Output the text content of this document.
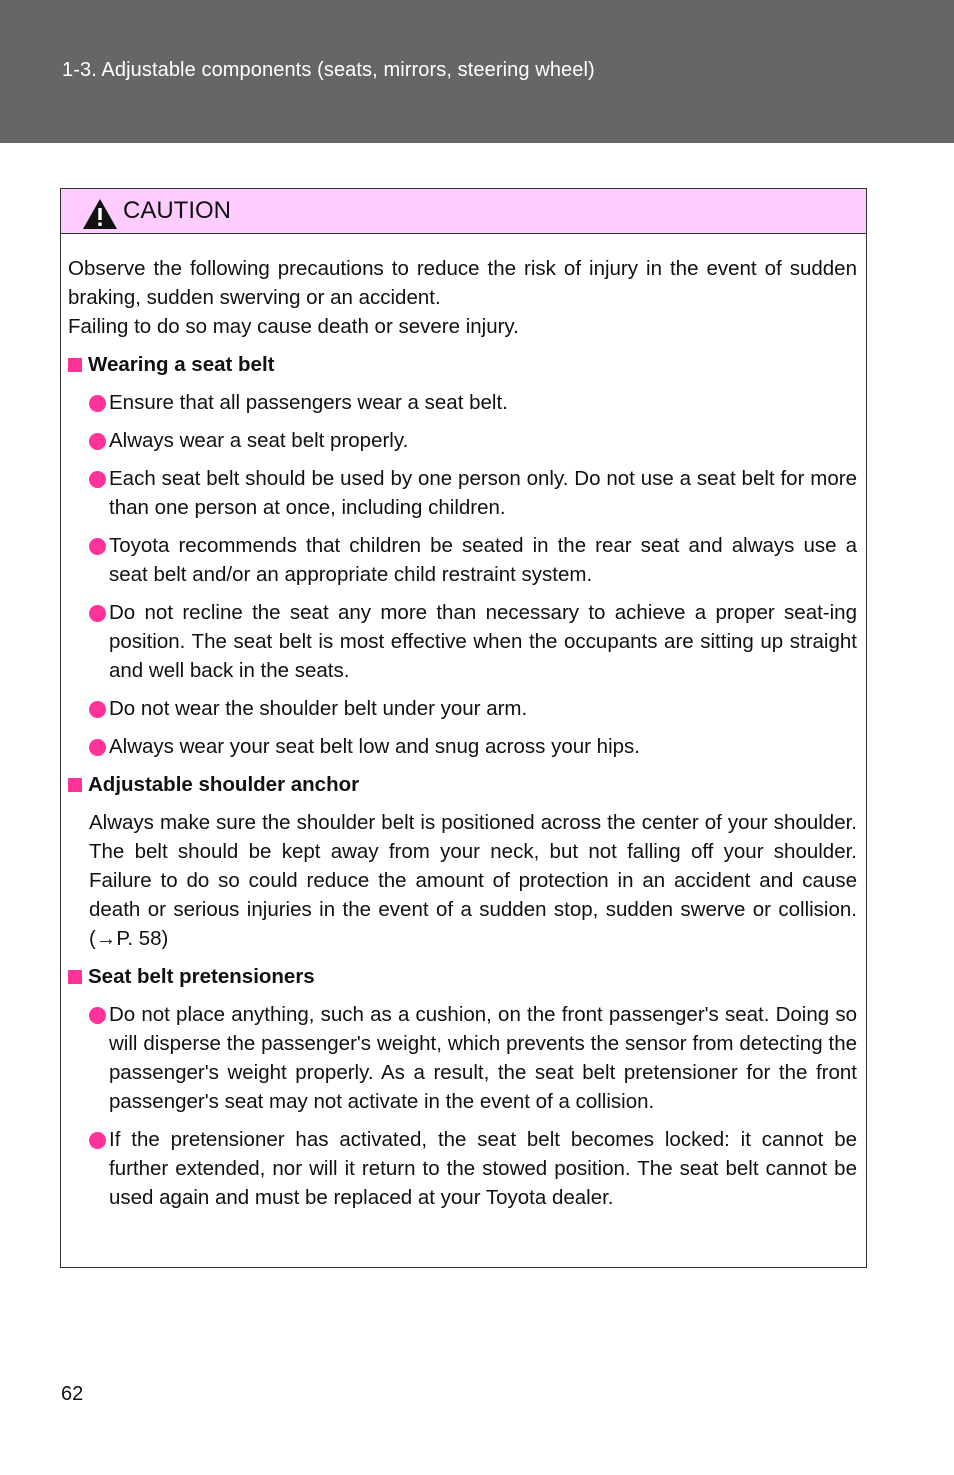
1-3. Adjustable components (seats, mirrors, steering wheel)
CAUTION

Observe the following precautions to reduce the risk of injury in the event of sudden braking, sudden swerving or an accident.

Failing to do so may cause death or severe injury.

Wearing a seat belt
Ensure that all passengers wear a seat belt.
Always wear a seat belt properly.
Each seat belt should be used by one person only. Do not use a seat belt for more than one person at once, including children.
Toyota recommends that children be seated in the rear seat and always use a seat belt and/or an appropriate child restraint system.
Do not recline the seat any more than necessary to achieve a proper seat-ing position. The seat belt is most effective when the occupants are sitting up straight and well back in the seats.
Do not wear the shoulder belt under your arm.
Always wear your seat belt low and snug across your hips.
Adjustable shoulder anchor
Always make sure the shoulder belt is positioned across the center of your shoulder. The belt should be kept away from your neck, but not falling off your shoulder. Failure to do so could reduce the amount of protection in an accident and cause death or serious injuries in the event of a sudden stop, sudden swerve or collision. (→P. 58)
Seat belt pretensioners
Do not place anything, such as a cushion, on the front passenger's seat. Doing so will disperse the passenger's weight, which prevents the sensor from detecting the passenger's weight properly. As a result, the seat belt pretensioner for the front passenger's seat may not activate in the event of a collision.
If the pretensioner has activated, the seat belt becomes locked: it cannot be further extended, nor will it return to the stowed position. The seat belt cannot be used again and must be replaced at your Toyota dealer.
62
